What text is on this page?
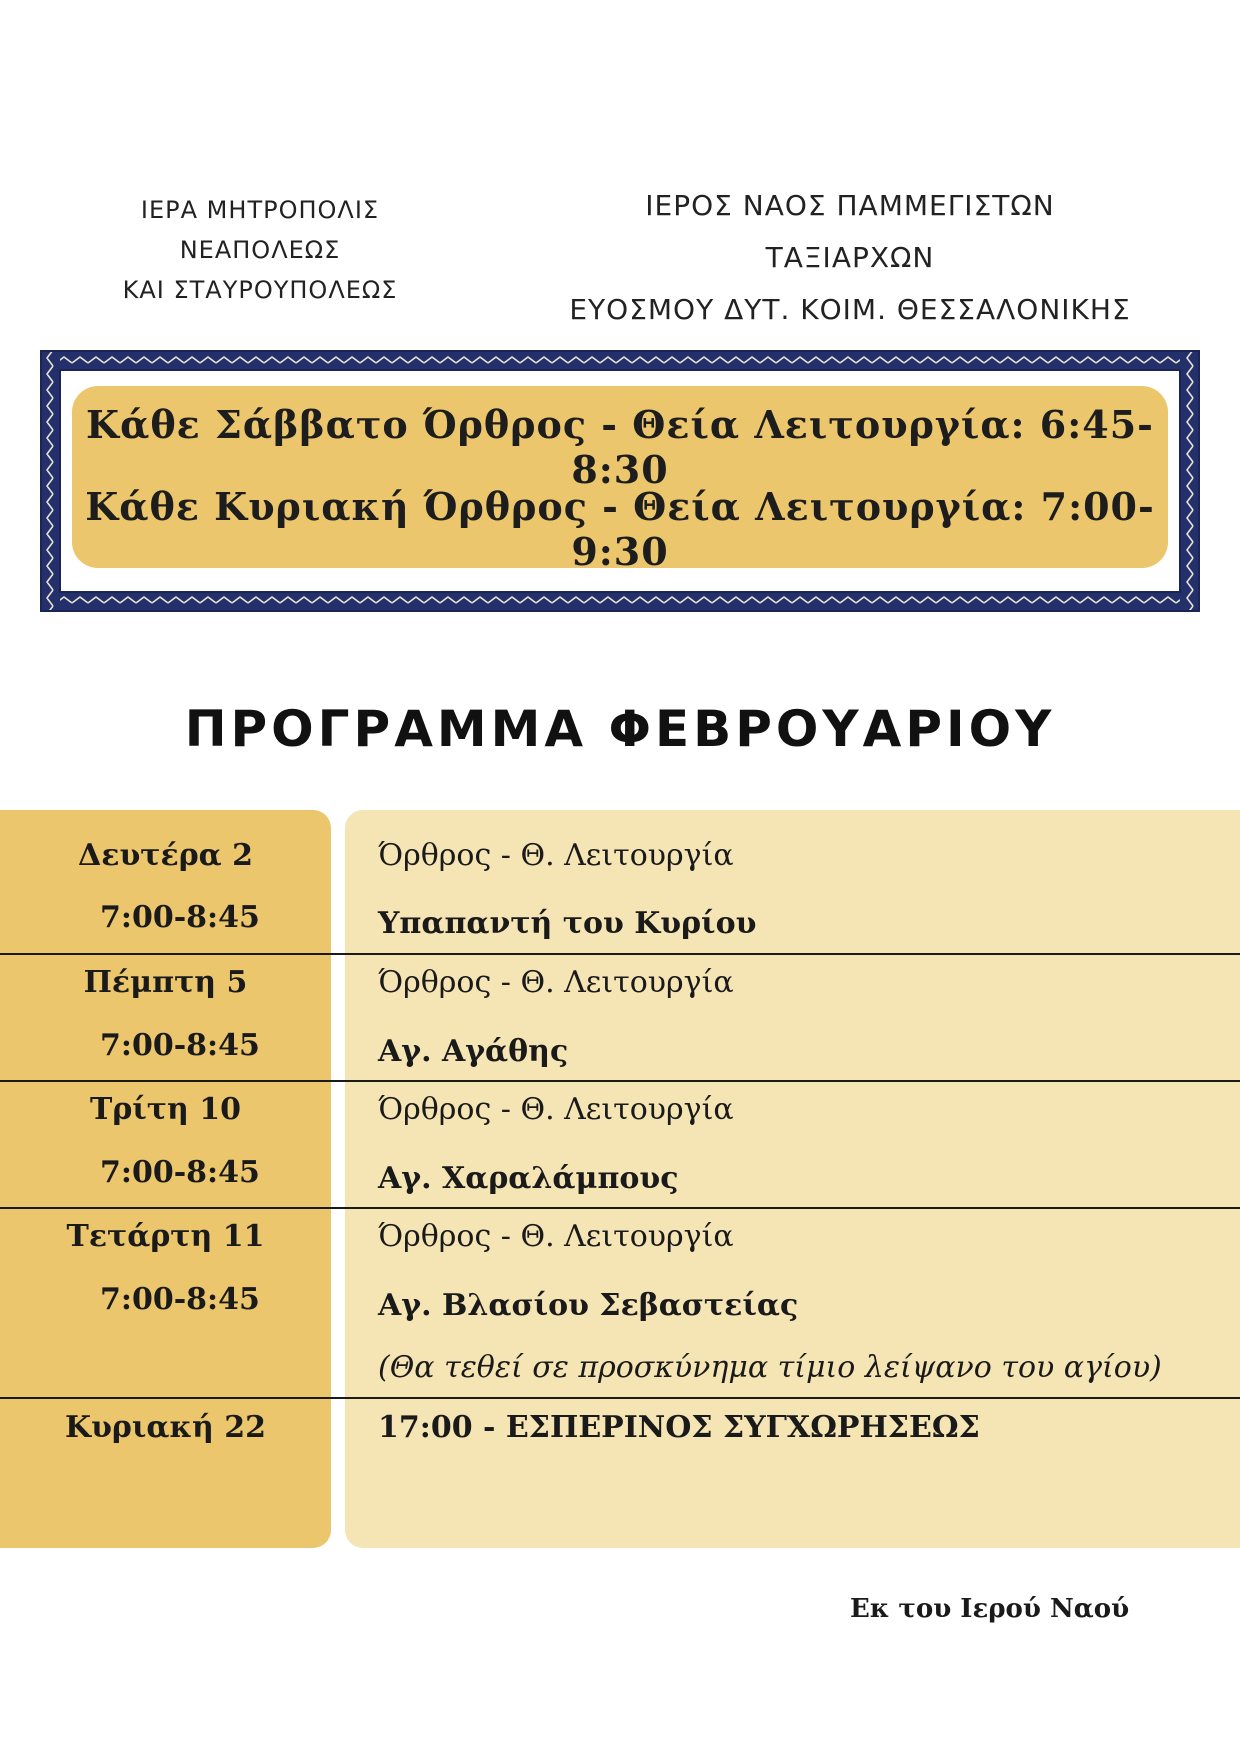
ΙΕΡΑ ΜΗΤΡΟΠΟΛΙΣ ΝΕΑΠΟΛΕΩΣ
ΚΑΙ ΣΤΑΥΡΟΥΠΟΛΕΩΣ
ΙΕΡΟΣ ΝΑΟΣ ΠΑΜΜΕΓΙΣΤΩΝ ΤΑΞΙΑΡΧΩΝ
ΕΥΟΣΜΟΥ ΔΥΤ. ΚΟΙΜ. ΘΕΣΣΑΛΟΝΙΚΗΣ
Κάθε Σάββατο Όρθρος - Θεία Λειτουργία: 6:45-8:30
Κάθε Κυριακή Όρθρος - Θεία Λειτουργία: 7:00-9:30
ΠΡΟΓΡΑΜΜΑ ΦΕΒΡΟΥΑΡΙΟΥ
Δευτέρα 2
7:00-8:45
Όρθρος - Θ. Λειτουργία
Υπαπαντή του Κυρίου
Πέμπτη 5
7:00-8:45
Όρθρος - Θ. Λειτουργία
Αγ. Αγάθης
Τρίτη 10
7:00-8:45
Όρθρος - Θ. Λειτουργία
Αγ. Χαραλάμπους
Τετάρτη 11
7:00-8:45
Όρθρος - Θ. Λειτουργία
Αγ. Βλασίου Σεβαστείας
(Θα τεθεί σε προσκύνημα τίμιο λείψανο του αγίου)
Κυριακή 22	17:00 - ΕΣΠΕΡΙΝΟΣ ΣΥΓΧΩΡΗΣΕΩΣ
Εκ του Ιερού Ναού
